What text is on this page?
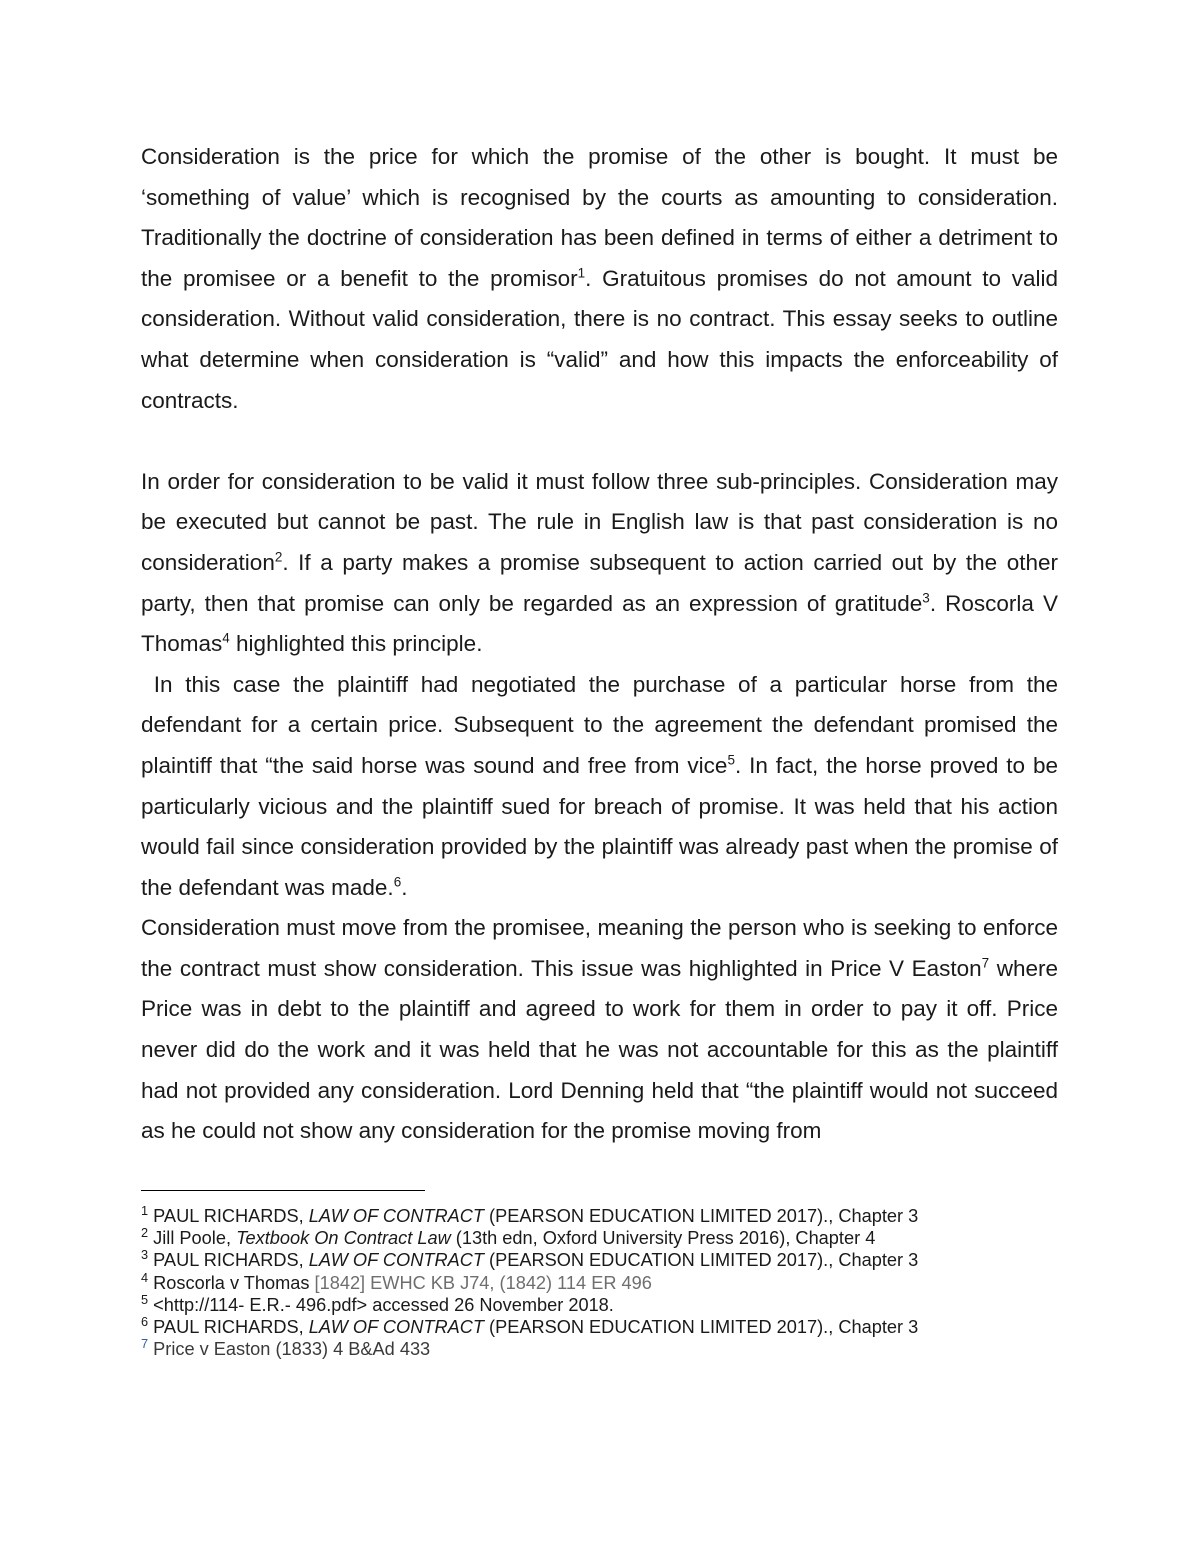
Consideration is the price for which the promise of the other is bought. It must be ‘something of value’ which is recognised by the courts as amounting to consideration. Traditionally the doctrine of consideration has been defined in terms of either a detriment to the promisee or a benefit to the promisor$^1$. Gratuitous promises do not amount to valid consideration. Without valid consideration, there is no contract. This essay seeks to outline what determine when consideration is “valid” and how this impacts the enforceability of contracts.

In order for consideration to be valid it must follow three sub-principles. Consideration may be executed but cannot be past. The rule in English law is that past consideration is no consideration$^2$. If a party makes a promise subsequent to action carried out by the other party, then that promise can only be regarded as an expression of gratitude$^3$. Roscorla V Thomas$^4$ highlighted this principle.

In this case the plaintiff had negotiated the purchase of a particular horse from the defendant for a certain price. Subsequent to the agreement the defendant promised the plaintiff that “the said horse was sound and free from vice$^5$. In fact, the horse proved to be particularly vicious and the plaintiff sued for breach of promise. It was held that his action would fail since consideration provided by the plaintiff was already past when the promise of the defendant was made.$^6$.

Consideration must move from the promisee, meaning the person who is seeking to enforce the contract must show consideration. This issue was highlighted in Price V Easton$^7$ where Price was in debt to the plaintiff and agreed to work for them in order to pay it off. Price never did do the work and it was held that he was not accountable for this as the plaintiff had not provided any consideration. Lord Denning held that “the plaintiff would not succeed as he could not show any consideration for the promise moving from

$^1$ PAUL RICHARDS, LAW OF CONTRACT (PEARSON EDUCATION LIMITED 2017)., Chapter 3

$^2$ Jill Poole, Textbook On Contract Law (13th edn, Oxford University Press 2016), Chapter 4

$^3$ PAUL RICHARDS, LAW OF CONTRACT (PEARSON EDUCATION LIMITED 2017)., Chapter 3

$^4$ Roscorla v Thomas [1842] EWHC KB J74, (1842) 114 ER 496

$^5$ <http://114- E.R.- 496.pdf> accessed 26 November 2018.

$^6$ PAUL RICHARDS, LAW OF CONTRACT (PEARSON EDUCATION LIMITED 2017)., Chapter 3

$^7$ Price v Easton (1833) 4 B&Ad 433
